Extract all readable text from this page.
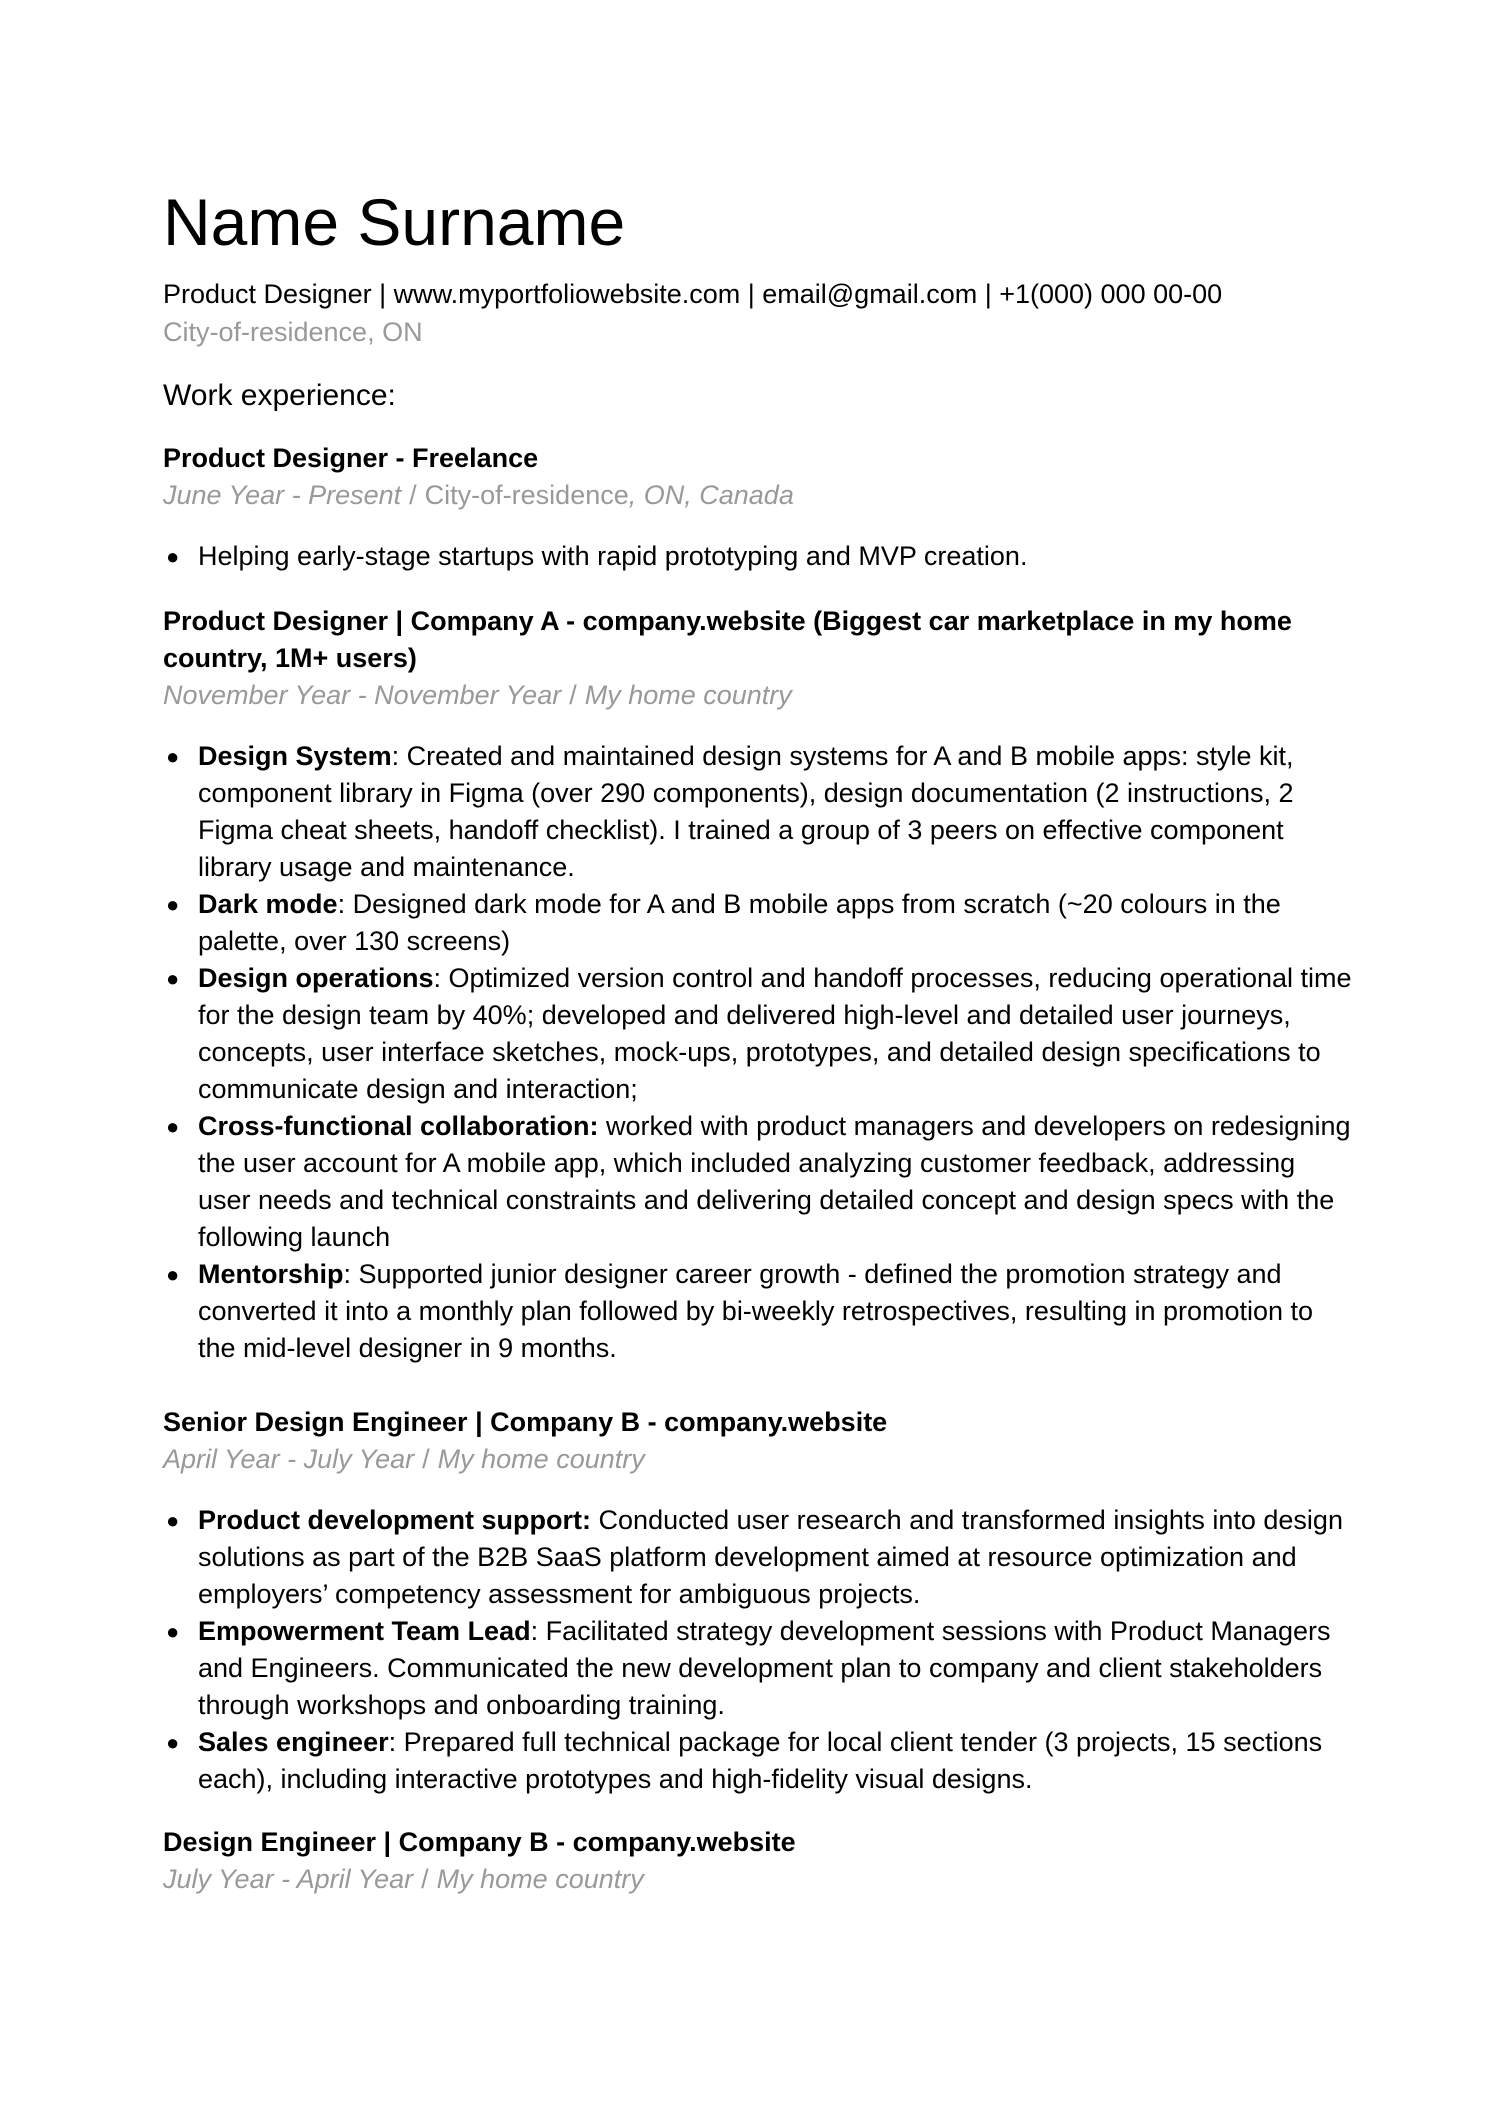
Name Surname
Product Designer | www.myportfoliowebsite.com | email@gmail.com | +1(000) 000 00-00
City-of-residence, ON
Work experience:

Product Designer - Freelance

June Year - Present / City-of-residence, ON, Canada

● Helping early-stage startups with rapid prototyping and MVP creation.

Product Designer | Company A - company.website (Biggest car marketplace in my home country, 1M+ users)

November Year - November Year / My home country

● Design System: Created and maintained design systems for A and B mobile apps: style kit, component library in Figma (over 290 components), design documentation (2 instructions, 2 Figma cheat sheets, handoff checklist). I trained a group of 3 peers on effective component library usage and maintenance.
● Dark mode: Designed dark mode for A and B mobile apps from scratch (~20 colours in the palette, over 130 screens)
● Design operations: Optimized version control and handoff processes, reducing operational time for the design team by 40%; developed and delivered high-level and detailed user journeys, concepts, user interface sketches, mock-ups, prototypes, and detailed design specifications to communicate design and interaction;
● Cross-functional collaboration: worked with product managers and developers on redesigning the user account for A mobile app, which included analyzing customer feedback, addressing user needs and technical constraints and delivering detailed concept and design specs with the following launch
● Mentorship: Supported junior designer career growth - defined the promotion strategy and converted it into a monthly plan followed by bi-weekly retrospectives, resulting in promotion to the mid-level designer in 9 months.

Senior Design Engineer | Company B - company.website

April Year - July Year / My home country

● Product development support: Conducted user research and transformed insights into design solutions as part of the B2B SaaS platform development aimed at resource optimization and employers’ competency assessment for ambiguous projects.
● Empowerment Team Lead: Facilitated strategy development sessions with Product Managers and Engineers. Communicated the new development plan to company and client stakeholders through workshops and onboarding training.
● Sales engineer: Prepared full technical package for local client tender (3 projects, 15 sections each), including interactive prototypes and high-fidelity visual designs.

Design Engineer | Company B - company.website

July Year - April Year / My home country
